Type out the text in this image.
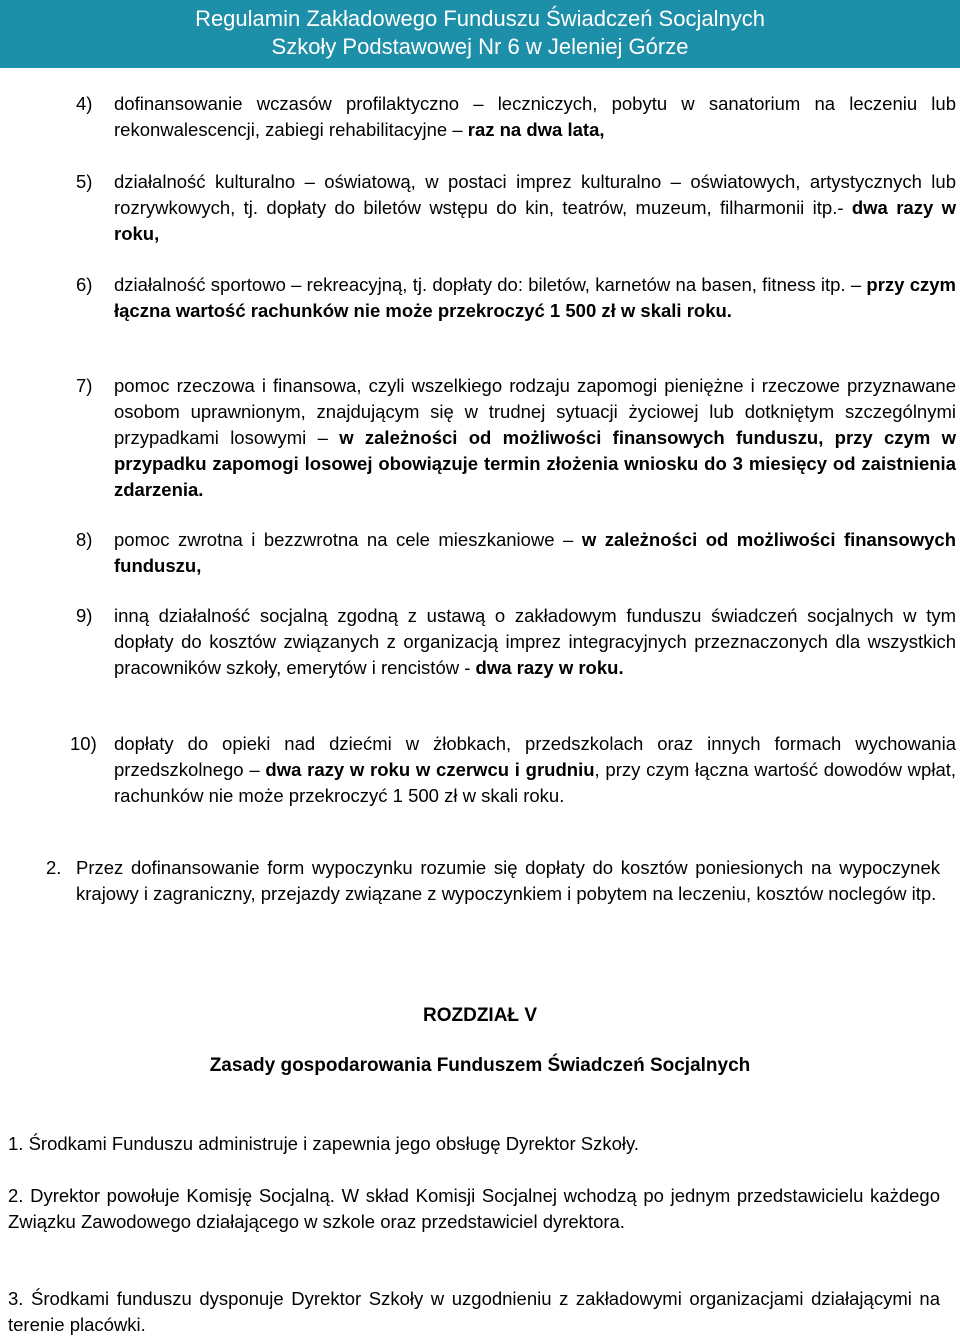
Regulamin Zakładowego Funduszu Świadczeń Socjalnych
Szkoły Podstawowej Nr 6 w Jeleniej Górze
4) dofinansowanie wczasów profilaktyczno – leczniczych, pobytu w sanatorium na leczeniu lub rekonwalescencji, zabiegi rehabilitacyjne – raz na dwa lata,
5) działalność kulturalno – oświatową, w postaci imprez kulturalno – oświatowych, artystycznych lub rozrywkowych, tj. dopłaty do biletów wstępu do kin, teatrów, muzeum, filharmonii itp.- dwa razy w roku,
6) działalność sportowo – rekreacyjną, tj. dopłaty do: biletów, karnetów na basen, fitness itp. – przy czym łączna wartość rachunków nie może przekroczyć 1 500 zł w skali roku.
7) pomoc rzeczowa i finansowa, czyli wszelkiego rodzaju zapomogi pieniężne i rzeczowe przyznawane osobom uprawnionym, znajdującym się w trudnej sytuacji życiowej lub dotkniętym szczególnymi przypadkami losowymi – w zależności od możliwości finansowych funduszu, przy czym w przypadku zapomogi losowej obowiązuje termin złożenia wniosku do 3 miesięcy od zaistnienia zdarzenia.
8) pomoc zwrotna i bezzwrotna na cele mieszkaniowe – w zależności od możliwości finansowych funduszu,
9) inną działalność socjalną zgodną z ustawą o zakładowym funduszu świadczeń socjalnych w tym dopłaty do kosztów związanych z organizacją imprez integracyjnych przeznaczonych dla wszystkich pracowników szkoły, emerytów i rencistów - dwa razy w roku.
10) dopłaty do opieki nad dziećmi w żłobkach, przedszkolach oraz innych formach wychowania przedszkolnego – dwa razy w roku w czerwcu i grudniu, przy czym łączna wartość dowodów wpłat, rachunków nie może przekroczyć 1 500 zł w skali roku.
2. Przez dofinansowanie form wypoczynku rozumie się dopłaty do kosztów poniesionych na wypoczynek krajowy i zagraniczny, przejazdy związane z wypoczynkiem i pobytem na leczeniu, kosztów noclegów itp.
ROZDZIAŁ V
Zasady gospodarowania Funduszem Świadczeń Socjalnych
1. Środkami Funduszu administruje i zapewnia jego obsługę Dyrektor Szkoły.
2. Dyrektor powołuje Komisję Socjalną. W skład Komisji Socjalnej wchodzą po jednym przedstawicielu każdego Związku Zawodowego działającego w szkole oraz przedstawiciel dyrektora.
3. Środkami funduszu dysponuje Dyrektor Szkoły w uzgodnieniu z zakładowymi organizacjami działającymi na terenie placówki.
